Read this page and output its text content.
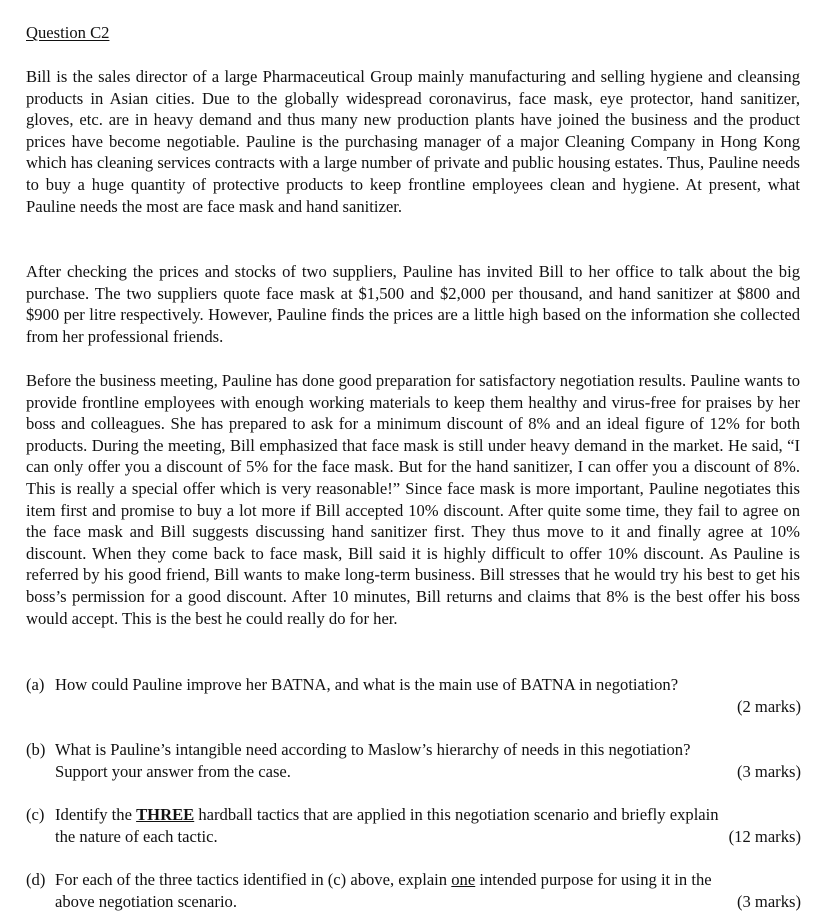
Question C2

Bill is the sales director of a large Pharmaceutical Group mainly manufacturing and selling hygiene and cleansing products in Asian cities. Due to the globally widespread coronavirus, face mask, eye protector, hand sanitizer, gloves, etc. are in heavy demand and thus many new production plants have joined the business and the product prices have become negotiable. Pauline is the purchasing manager of a major Cleaning Company in Hong Kong which has cleaning services contracts with a large number of private and public housing estates. Thus, Pauline needs to buy a huge quantity of protective products to keep frontline employees clean and hygiene. At present, what Pauline needs the most are face mask and hand sanitizer.

After checking the prices and stocks of two suppliers, Pauline has invited Bill to her office to talk about the big purchase. The two suppliers quote face mask at $1,500 and $2,000 per thousand, and hand sanitizer at $800 and $900 per litre respectively. However, Pauline finds the prices are a little high based on the information she collected from her professional friends.

Before the business meeting, Pauline has done good preparation for satisfactory negotiation results. Pauline wants to provide frontline employees with enough working materials to keep them healthy and virus-free for praises by her boss and colleagues. She has prepared to ask for a minimum discount of 8% and an ideal figure of 12% for both products. During the meeting, Bill emphasized that face mask is still under heavy demand in the market. He said, “I can only offer you a discount of 5% for the face mask. But for the hand sanitizer, I can offer you a discount of 8%. This is really a special offer which is very reasonable!” Since face mask is more important, Pauline negotiates this item first and promise to buy a lot more if Bill accepted 10% discount. After quite some time, they fail to agree on the face mask and Bill suggests discussing hand sanitizer first. They thus move to it and finally agree at 10% discount. When they come back to face mask, Bill said it is highly difficult to offer 10% discount. As Pauline is referred by his good friend, Bill wants to make long-term business. Bill stresses that he would try his best to get his boss’s permission for a good discount. After 10 minutes, Bill returns and claims that 8% is the best offer his boss would accept. This is the best he could really do for her.

(a) How could Pauline improve her BATNA, and what is the main use of BATNA in negotiation?
(2 marks)
(b) What is Pauline’s intangible need according to Maslow’s hierarchy of needs in this negotiation?
Support your answer from the case.	(3 marks)
(c) Identify the THREE hardball tactics that are applied in this negotiation scenario and briefly explain
the nature of each tactic.	(12 marks)
(d) For each of the three tactics identified in (c) above, explain one intended purpose for using it in the
above negotiation scenario.	(3 marks)
